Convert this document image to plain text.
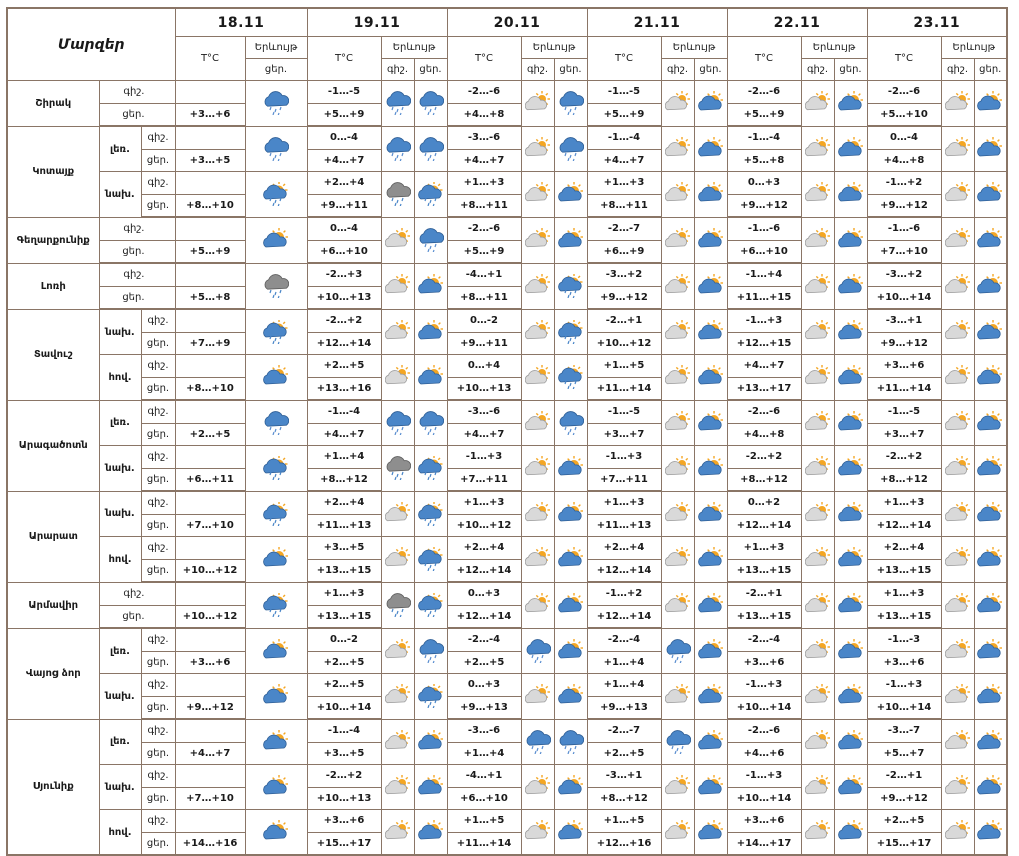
Մարզեր			18.11		19.11			20.11			21.11			22.11			23.11		
			T°C	Երևույթ	T°C	Երևույթ		T°C	Երևույթ		T°C	Երևույթ		T°C	Երևույթ		T°C	Երևույթ	
				ցեր.		գիշ.	ցեր.		գիշ.	ցեր.		գիշ.	ցեր.		գիշ.	ցեր.		գիշ.	ցեր.
Շիրակ	գիշ.				-1…-5			-2…-6			-1…-5			-2…-6			-2…-6	

	ցեր.		+3…+6		+5…+9			+4…+8			+5…+9			+5…+9			+5…+10		
Կոտայք	լեռ.	գիշ.			0…-4			-3…-6			-1…-4			-1…-4			0…-4	

		ցեր.	+3…+5		+4…+7			+4…+7			+4…+7			+5…+8			+4…+8		
	նախ.	գիշ.			+2…+4			+1…+3			+1…+3			0…+3			-1…+2	

		ցեր.	+8…+10		+9…+11			+8…+11			+8…+11			+9…+12			+9…+12		
Գեղարքունիք	գիշ.				0…-4			-2…-6			-2…-7			-1…-6			-1…-6	

	ցեր.		+5…+9		+6…+10			+5…+9			+6…+9			+6…+10			+7…+10		
Լոռի	գիշ.				-2…+3			-4…+1			-3…+2			-1…+4			-3…+2	

	ցեր.		+5…+8		+10…+13			+8…+11			+9…+12			+11…+15			+10…+14		
Տավուշ	նախ.	գիշ.			-2…+2			0…-2			-2…+1			-1…+3			-3…+1	

		ցեր.	+7…+9		+12…+14			+9…+11			+10…+12			+12…+15			+9…+12		
	հով.	գիշ.			+2…+5			0…+4			+1…+5			+4…+7			+3…+6	

		ցեր.	+8…+10		+13…+16			+10…+13			+11…+14			+13…+17			+11…+14		
Արագածոտն	լեռ.	գիշ.			-1…-4			-3…-6			-1…-5			-2…-6			-1…-5	

		ցեր.	+2…+5		+4…+7			+4…+7			+3…+7			+4…+8			+3…+7		
	նախ.	գիշ.			+1…+4			-1…+3			-1…+3			-2…+2			-2…+2	

		ցեր.	+6…+11		+8…+12			+7…+11			+7…+11			+8…+12			+8…+12		
Արարատ	նախ.	գիշ.			+2…+4			+1…+3			+1…+3			0…+2			+1…+3	

		ցեր.	+7…+10		+11…+13			+10…+12			+11…+13			+12…+14			+12…+14		
	հով.	գիշ.			+3…+5			+2…+4			+2…+4			+1…+3			+2…+4	

		ցեր.	+10…+12		+13…+15			+12…+14			+12…+14			+13…+15			+13…+15		
Արմավիր	գիշ.				+1…+3			0…+3			-1…+2			-2…+1			+1…+3	

	ցեր.		+10…+12		+13…+15			+12…+14			+12…+14			+13…+15			+13…+15		
Վայոց ձոր	լեռ.	գիշ.			0…-2			-2…-4			-2…-4			-2…-4			-1…-3	

		ցեր.	+3…+6		+2…+5			+2…+5			+1…+4			+3…+6			+3…+6		
	նախ.	գիշ.			+2…+5			0…+3			+1…+4			-1…+3			-1…+3	

		ցեր.	+9…+12		+10…+14			+9…+13			+9…+13			+10…+14			+10…+14		
Սյունիք	լեռ.	գիշ.			-1…-4			-3…-6			-2…-7			-2…-6			-3…-7	

		ցեր.	+4…+7		+3…+5			+1…+4			+2…+5			+4…+6			+5…+7		
	նախ.	գիշ.			-2…+2			-4…+1			-3…+1			-1…+3			-2…+1	

		ցեր.	+7…+10		+10…+13			+6…+10			+8…+12			+10…+14			+9…+12		
	հով.	գիշ.			+3…+6			+1…+5			+1…+5			+3…+6			+2…+5	

		ցեր.	+14…+16		+15…+17			+11…+14			+12…+16			+14…+17			+15…+17		
